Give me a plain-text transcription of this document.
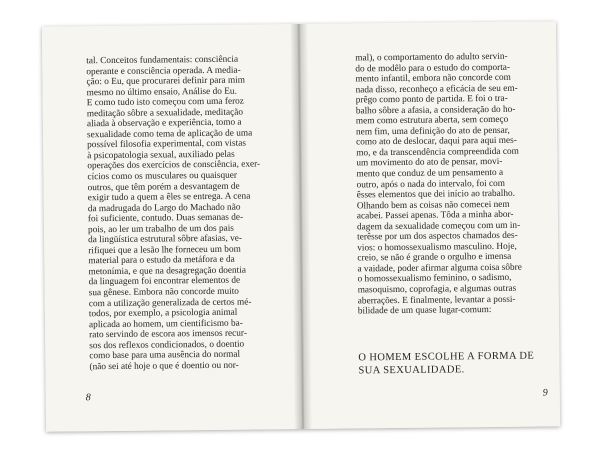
tal. Conceitos fundamentais: consciência
operante e consciência operada. A media-
ção: o Eu, que procurarei definir para mim
mesmo no último ensaio, Análise do Eu.
E como tudo isto começou com uma feroz
meditação sôbre a sexualidade, meditação
aliada à observação e experiência, tomo a
sexualidade como tema de aplicação de uma
possível filosofia experimental, com vistas
à psicopatologia sexual, auxiliado pelas
operações dos exercícios de consciência, exer-
cícios como os musculares ou quaisquer
outros, que têm porém a desvantagem de
exigir tudo a quem a êles se entrega. A cena
da madrugada do Largo do Machado não
foi suficiente, contudo. Duas semanas de-
pois, ao ler um trabalho de um dos pais
da lingüística estrutural sôbre afasias, ve-
rifiquei que a lesão lhe forneceu um bom
material para o estudo da metáfora e da
metonímia, e que na desagregação doentia
da linguagem foi encontrar elementos de
sua gênese. Embora não concorde muito
com a utilização generalizada de certos mé-
todos, por exemplo, a psicologia animal
aplicada ao homem, um cientificismo ba-
rato servindo de escora aos imensos recur-
sos dos reflexos condicionados, o doentio
como base para uma ausência do normal
(não sei até hoje o que é doentio ou nor-
8
mal), o comportamento do adulto servin-
do de modêlo para o estudo do comporta-
mento infantil, embora não concorde com
nada disso, reconheço a eficácia de seu em-
prêgo como ponto de partida. E foi o tra-
balho sôbre a afasia, a consideração do ho-
mem como estrutura aberta, sem começo
nem fim, uma definição do ato de pensar,
como ato de deslocar, daqui para aqui mes-
mo, e da transcendência compreendida com
um movimento do ato de pensar, movi-
mento que conduz de um pensamento a
outro, após o nada do intervalo, foi com
êsses elementos que dei início ao trabalho.
Olhando bem as coisas não comecei nem
acabei. Passei apenas. Tôda a minha abor-
dagem da sexualidade começou com um in-
terêsse por um dos aspectos chamados des-
vios: o homossexualismo masculino. Hoje,
creio, se não é grande o orgulho e imensa
a vaidade, poder afirmar alguma coisa sôbre
o homossexualismo feminino, o sadismo,
masoquismo, coprofagia, e algumas outras
aberrações. E finalmente, levantar a possi-
bilidade de um quase lugar-comum:
O HOMEM ESCOLHE A FORMA DE
SUA SEXUALIDADE.
9
